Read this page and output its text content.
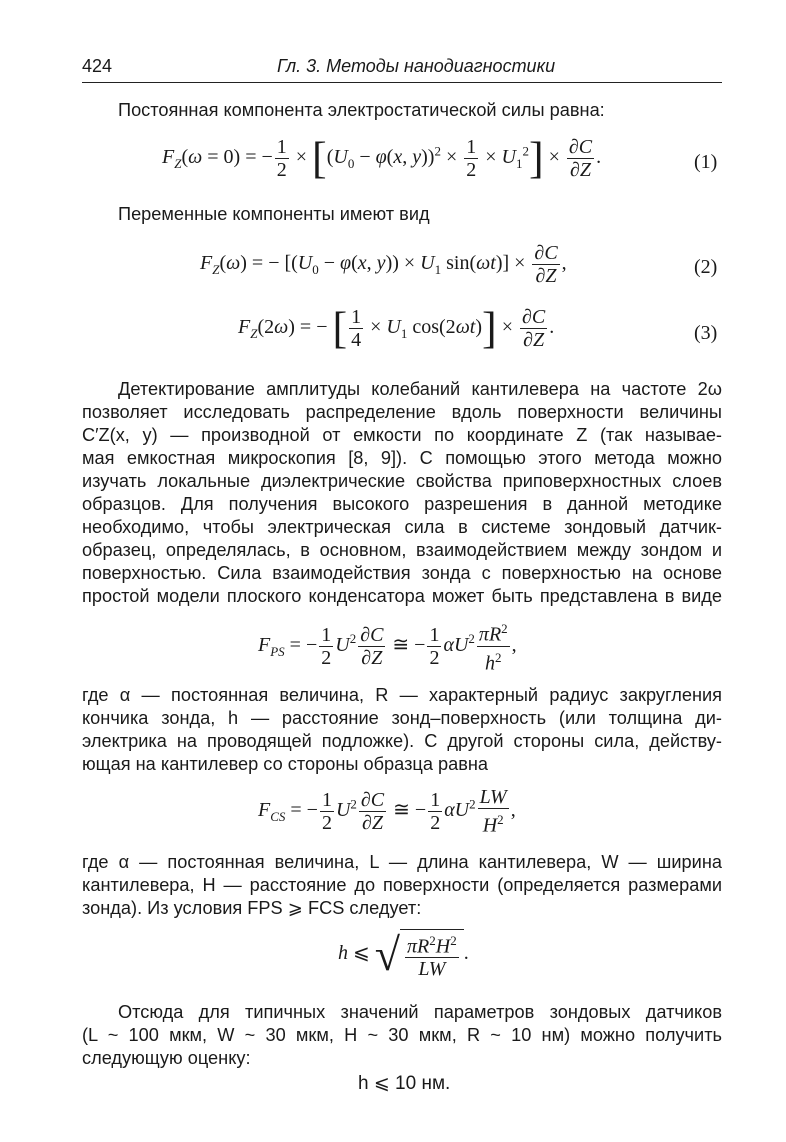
424	Гл. 3. Методы нанодиагностики
Постоянная компонента электростатической силы равна:
$F_Z(\omega = 0)$ = − $\frac{1}{2} \times [(U_0 - \varphi(x$, $y))^2 \times \frac{1}{2} \times U_1^2] \times \frac{\partial C}{\partial Z}$ .	(1)
Переменные компоненты имеют вид
$F_Z(\omega)$ = − [($U_0 - \varphi(x$, $y)) \times U_1$ $\sin(\omega t)] \times \frac{\partial C}{\partial Z}$ ,	(2)
$F_Z(2\omega)$ = − [ $\frac{1}{4} \times U_1$ $\cos(2\omega t)] \times \frac{\partial C}{\partial Z}$ .	(3)
Детектирование амплитуды колебаний кантилевера на частоте 2ω
позволяет исследовать распределение вдоль поверхности величины
C′Z(x, y) — производной от емкости по координате Z (так называе-
мая емкостная микроскопия [8, 9]). С помощью этого метода можно
изучать локальные диэлектрические свойства приповерхностных слоев
образцов. Для получения высокого разрешения в данной методике
необходимо, чтобы электрическая сила в системе зондовый датчик-
образец, определялась, в основном, взаимодействием между зондом и
поверхностью. Сила взаимодействия зонда с поверхностью на основе
простой модели плоского конденсатора может быть представлена в виде
$F_{PS}$ = − $\frac{1}{2} U^2 \frac{\partial C}{\partial Z}$ ≅ − $\frac{1}{2} \alpha U^2 \frac{\pi R^2}{h^2}$ ,
где α — постоянная величина, R — характерный радиус закругления
кончика зонда, h — расстояние зонд–поверхность (или толщина ди-
электрика на проводящей подложке). С другой стороны сила, действу-
ющая на кантилевер со стороны образца равна
$F_{CS}$ = − $\frac{1}{2} U^2 \frac{\partial C}{\partial Z}$ ≅ − $\frac{1}{2} \alpha U^2 \frac{LW}{H^2}$ ,
где α — постоянная величина, L — длина кантилевера, W — ширина
кантилевера, H — расстояние до поверхности (определяется размерами
зонда). Из условия FPS ⩾ FCS следует:
h ⩽ √ $\frac{\pi R^2H^2}{LW}$ .
Отсюда для типичных значений параметров зондовых датчиков
(L ~ 100 мкм, W ~ 30 мкм, H ~ 30 мкм, R ~ 10 нм) можно получить
следующую оценку:
h ⩽ 10 нм.
